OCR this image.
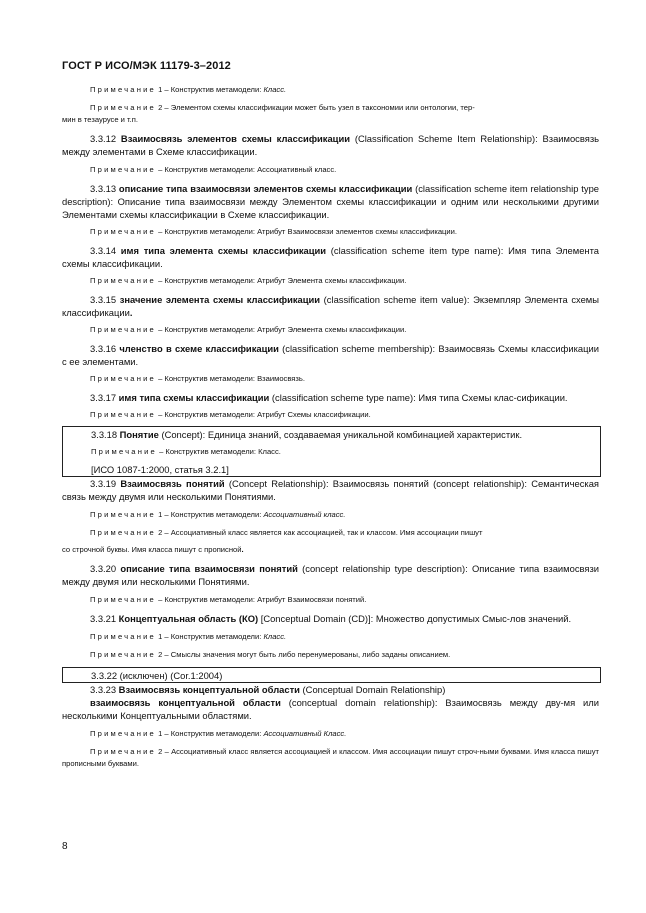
ГОСТ Р ИСО/МЭК 11179-3–2012

Примечание 1 – Конструктив метамодели: Класс.

Примечание 2 – Элементом схемы классификации может быть узел в таксономии или онтологии, тер-

мин в тезаурусе и т.п.

3.3.12 Взаимосвязь элементов схемы классификации (Classification Scheme Item Relationship): Взаимосвязь между элементами в Схеме классификации.

Примечание – Конструктив метамодели: Ассоциативный класс.

3.3.13 описание типа взаимосвязи элементов схемы классификации (classification scheme item relationship type description): Описание типа взаимосвязи между Элементом схемы классификации и одним или несколькими другими Элементами схемы классификации в Схеме классификации.

Примечание – Конструктив метамодели: Атрибут Взаимосвязи элементов схемы классификации.

3.3.14 имя типа элемента схемы классификации (classification scheme item type name): Имя типа Элемента схемы классификации.

Примечание – Конструктив метамодели: Атрибут Элемента схемы классификации.

3.3.15 значение элемента схемы классификации (classification scheme item value): Экземпляр Элемента схемы классификации.

Примечание – Конструктив метамодели: Атрибут Элемента схемы классификации.

3.3.16 членство в схеме классификации (classification scheme membership): Взаимосвязь Схемы классификации с ее элементами.

Примечание – Конструктив метамодели: Взаимосвязь.

3.3.17 имя типа схемы классификации (classification scheme type name): Имя типа Схемы клас-сификации.

Примечание – Конструктив метамодели: Атрибут Схемы классификации.

3.3.18 Понятие (Concept): Единица знаний, создаваемая уникальной комбинацией характеристик.

Примечание – Конструктив метамодели: Класс.

[ИСО 1087-1:2000, статья 3.2.1]

3.3.19 Взаимосвязь понятий (Concept Relationship): Взаимосвязь понятий (concept relationship): Семантическая связь между двумя или несколькими Понятиями.

Примечание 1 – Конструктив метамодели: Ассоциативный класс.

Примечание 2 – Ассоциативный класс является как ассоциацией, так и классом. Имя ассоциации пишут

со строчной буквы. Имя класса пишут с прописной.

3.3.20 описание типа взаимосвязи понятий (concept relationship type description): Описание типа взаимосвязи между двумя или несколькими Понятиями.

Примечание – Конструктив метамодели: Атрибут Взаимосвязи понятий.

3.3.21 Концептуальная область (КО) [Conceptual Domain (CD)]: Множество допустимых Смыс-лов значений.

Примечание 1 – Конструктив метамодели: Класс.

Примечание 2 – Смыслы значения могут быть либо перенумерованы, либо заданы описанием.

3.3.22 (исключен) (Cor.1:2004)

3.3.23 Взаимосвязь концептуальной области (Conceptual Domain Relationship)

взаимосвязь концептуальной области (conceptual domain relationship): Взаимосвязь между дву-мя или несколькими Концептуальными областями.

Примечание 1 – Конструктив метамодели: Ассоциативный Класс.

Примечание 2 – Ассоциативный класс является ассоциацией и классом. Имя ассоциации пишут строч-ными буквами. Имя класса пишут прописными буквами.

8
